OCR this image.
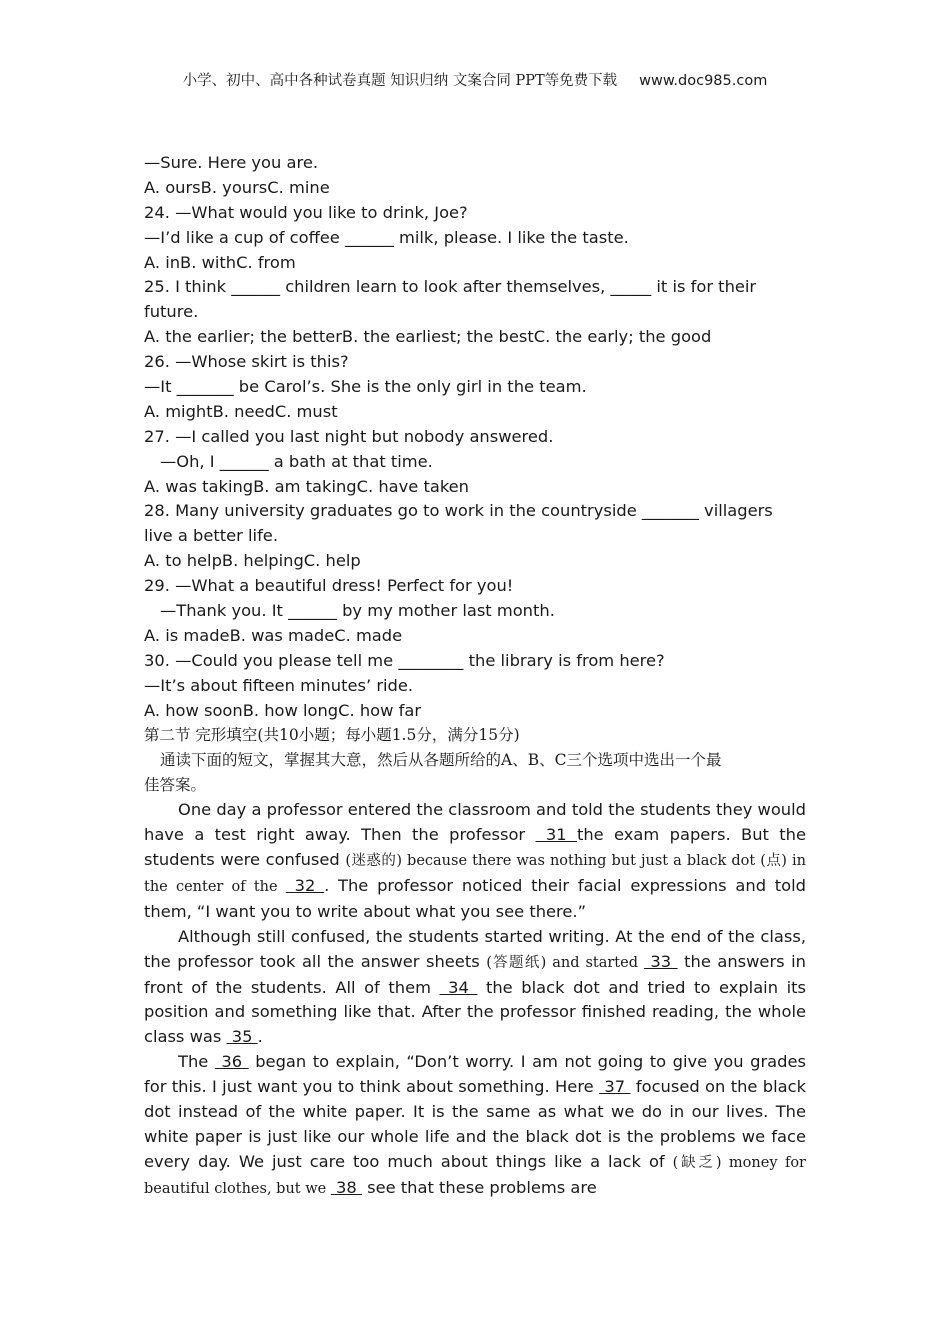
小学、初中、高中各种试卷真题 知识归纳 文案合同 PPT等免费下载 www.doc985.com
—Sure. Here you are.
A. oursB. yoursC. mine
24. —What would you like to drink, Joe?
—I’d like a cup of coffee ______ milk, please. I like the taste.
A. inB. withC. from
25. I think ______ children learn to look after themselves, _____ it is for their
future.
A. the earlier; the betterB. the earliest; the bestC. the early; the good
26. —Whose skirt is this?
—It _______ be Carol’s. She is the only girl in the team.
A. mightB. needC. must
27. —I called you last night but nobody answered.
—Oh, I ______ a bath at that time.
A. was takingB. am takingC. have taken
28. Many university graduates go to work in the countryside _______ villagers
live a better life.
A. to helpB. helpingC. help
29. —What a beautiful dress! Perfect for you!
—Thank you. It ______ by my mother last month.
A. is madeB. was madeC. made
30. —Could you please tell me ________ the library is from here?
—It’s about fifteen minutes’ ride.
A. how soonB. how longC. how far
第二节 完形填空(共10小题；每小题1.5分，满分15分)
通读下面的短文，掌握其大意，然后从各题所给的A、B、C三个选项中选出一个最
佳答案。
One day a professor entered the classroom and told the students they would have a test right away. Then the professor  31 the exam papers. But the students were confused (迷惑的) because there was nothing but just a black dot (点) in the center of the  32 . The professor noticed their facial expressions and told them, “I want you to write about what you see there.”
Although still confused, the students started writing. At the end of the class, the professor took all the answer sheets (答题纸) and started  33  the answers in front of the students. All of them  34  the black dot and tried to explain its position and something like that. After the professor finished reading, the whole class was  35 .
The  36  began to explain, “Don’t worry. I am not going to give you grades for this. I just want you to think about something. Here  37  focused on the black dot instead of the white paper. It is the same as what we do in our lives. The white paper is just like our whole life and the black dot is the problems we face every day. We just care too much about things like a lack of (缺乏) money for beautiful clothes, but we  38  see that these problems are
